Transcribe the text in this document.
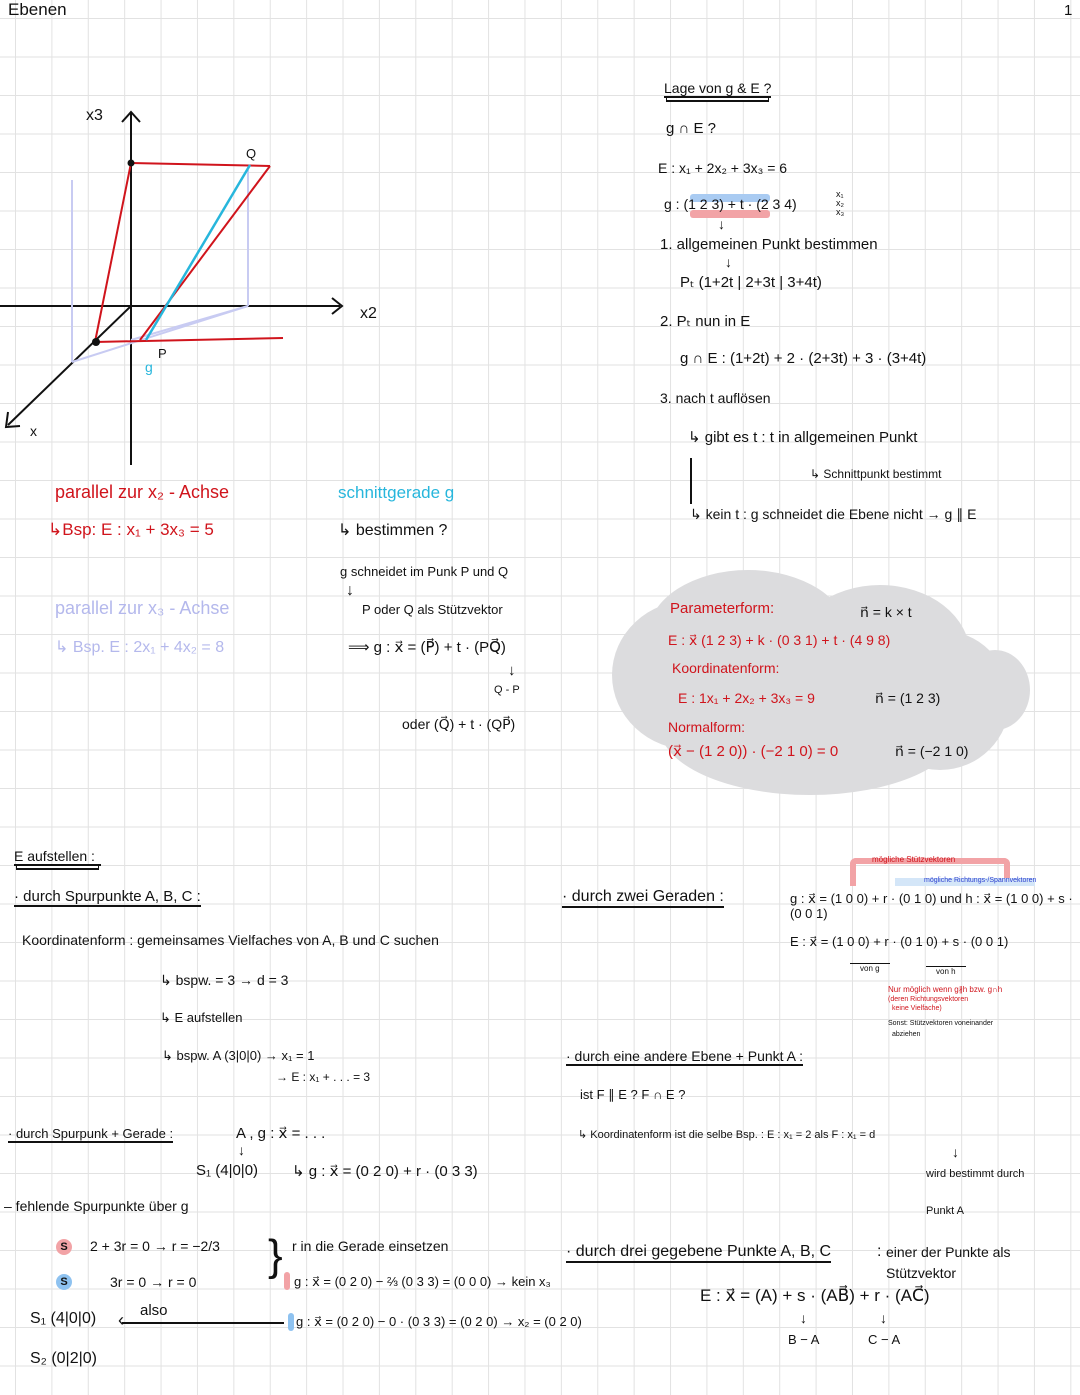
Ebenen	1
x3
x2
x
Q
P
g
parallel zur x₂ - Achse
↳Bsp: E : x₁ + 3x₃ = 5
parallel zur x₃ - Achse
↳ Bsp. E : 2x₁ + 4x₂ = 8
schnittgerade g
↳ bestimmen ?
g schneidet im Punk P und Q
↓
P oder Q als Stützvektor
⟹ g : x⃗ = (P⃗) + t · (PQ⃗)
↓
Q - P
oder (Q⃗) + t · (QP⃗)
Lage von g & E ?
g ∩ E ?
E : x₁ + 2x₂ + 3x₃ = 6
g : (1 2 3) + t · (2 3 4)
x₁ x₂ x₃
↓
1. allgemeinen Punkt bestimmen
↓
Pₜ (1+2t | 2+3t | 3+4t)
2. Pₜ nun in E
g ∩ E : (1+2t) + 2 · (2+3t) + 3 · (3+4t)
3. nach t auflösen
↳ gibt es t : t in allgemeinen Punkt
↳ Schnittpunkt bestimmt
↳ kein t : g schneidet die Ebene nicht → g ∥ E
Parameterform:
E : x⃗ (1 2 3) + k · (0 3 1) + t · (4 9 8)
n⃗ = k × t
Koordinatenform:
E : 1x₁ + 2x₂ + 3x₃ = 9	n⃗ = (1 2 3)
Normalform:
(x⃗ − (1 2 0)) · (−2 1 0) = 0	n⃗ = (−2 1 0)
E aufstellen :
· durch Spurpunkte A, B, C :
Koordinatenform : gemeinsames Vielfaches von A, B und C suchen
↳ bspw. = 3 → d = 3
↳ E aufstellen
↳ bspw. A (3|0|0) → x₁ = 1
→ E : x₁ + . . . = 3
· durch Spurpunk + Gerade :	A , g : x⃗ = . . .
↓
S₁ (4|0|0) ↳ g : x⃗ = (0 2 0) + r · (0 3 3)
– fehlende Spurpunkte über g
S
S
2 + 3r = 0 → r = −2/3
3r = 0 → r = 0
} r in die Gerade einsetzen
g : x⃗ = (0 2 0) − ⅔ (0 3 3) = (0 0 0) → kein x₃
g : x⃗ = (0 2 0) − 0 · (0 3 3) = (0 2 0) → x₂ = (0 2 0)
‹ also
S₁ (4|0|0)
S₂ (0|2|0)
· durch zwei Geraden :
mögliche Stützvektoren
mögliche Richtungs-/Spannvektoren
g : x⃗ = (1 0 0) + r · (0 1 0) und h : x⃗ = (1 0 0) + s · (0 0 1)
E : x⃗ = (1 0 0) + r · (0 1 0) + s · (0 0 1)
von g	von h
Nur möglich wenn g∦h bzw. g∩h
(deren Richtungsvektoren
keine Vielfache)
Sonst: Stützvektoren voneinander
abziehen
· durch eine andere Ebene + Punkt A :
ist F ∥ E ? F ∩ E ?
↳ Koordinatenform ist die selbe Bsp. : E : x₁ = 2 als F : x₁ = d
↓
wird bestimmt durch
Punkt A
· durch drei gegebene Punkte A, B, C	: einer der Punkte als
Stützvektor
E : x⃗ = (A) + s · (AB⃗) + r · (AC⃗)
↓	↓
B − A	C − A
